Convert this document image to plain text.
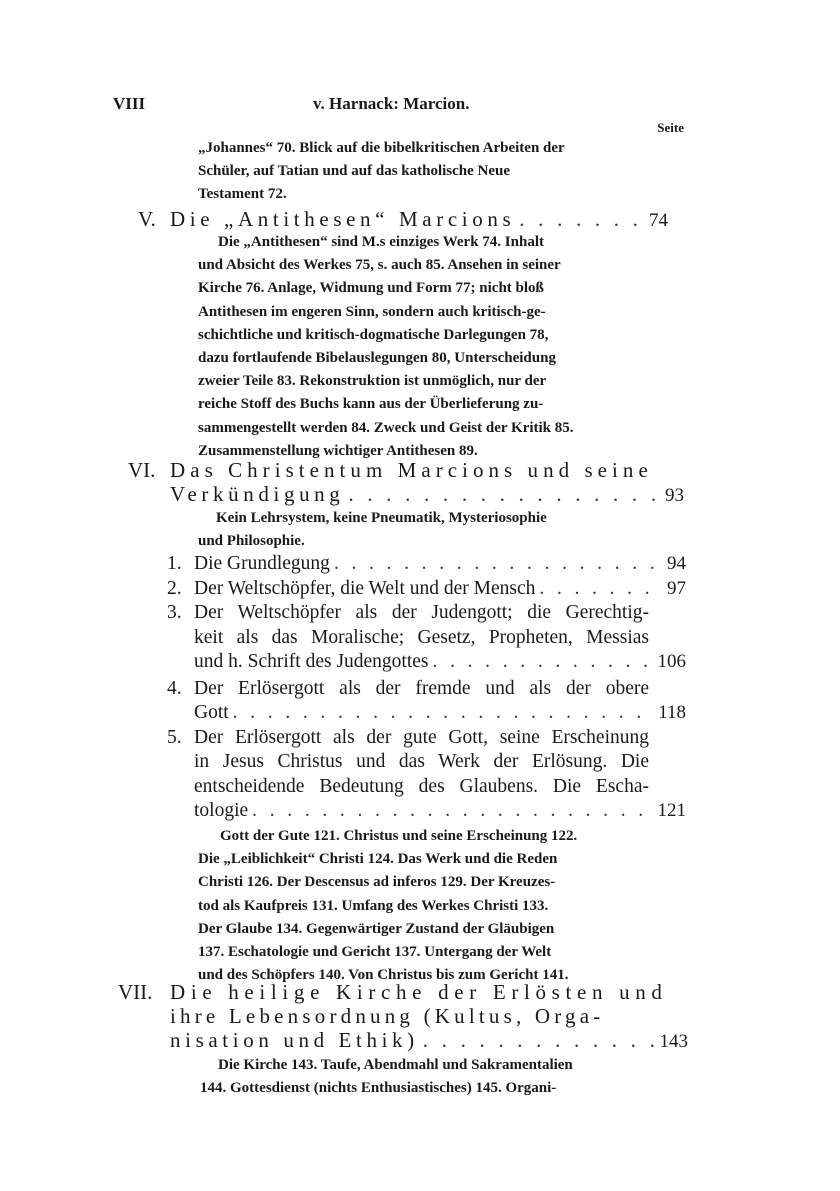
VIII	v. Harnack: Marcion.
Seite

„Johannes“ 70. Blick auf die bibelkritischen Arbeiten der

Schüler, auf Tatian und auf das katholische Neue

Testament 72.

V. Die „Antithesen“ Marcions . . .	74

Die „Antithesen“ sind M.s einziges Werk 74. Inhalt

und Absicht des Werkes 75, s. auch 85. Ansehen in seiner

Kirche 76. Anlage, Widmung und Form 77; nicht bloß

Antithesen im engeren Sinn, sondern auch kritisch-ge-

schichtliche und kritisch-dogmatische Darlegungen 78,

dazu fortlaufende Bibelauslegungen 80, Unterscheidung

zweier Teile 83. Rekonstruktion ist unmöglich, nur der

reiche Stoff des Buchs kann aus der Überlieferung zu-

sammengestellt werden 84. Zweck und Geist der Kritik 85.

Zusammenstellung wichtiger Antithesen 89.

VI. Das Christentum Marcions und seine
Verkündigung . . .	93

Kein Lehrsystem, keine Pneumatik, Mysteriosophie

und Philosophie.

1. Die Grundlegung . . .	94
2. Der Weltschöpfer, die Welt und der Mensch . . .	97
3. Der Weltschöpfer als der Judengott; die Gerechtig-
keit als das Moralische; Gesetz, Propheten, Messias
und h. Schrift des Judengottes . . .	106
4. Der Erlösergott als der fremde und als der obere
Gott . . .	118
5. Der Erlösergott als der gute Gott, seine Erscheinung
in Jesus Christus und das Werk der Erlösung. Die
entscheidende Bedeutung des Glaubens. Die Escha-
tologie . . .	121

Gott der Gute 121. Christus und seine Erscheinung 122.

Die „Leiblichkeit“ Christi 124. Das Werk und die Reden

Christi 126. Der Descensus ad inferos 129. Der Kreuzes-

tod als Kaufpreis 131. Umfang des Werkes Christi 133.

Der Glaube 134. Gegenwärtiger Zustand der Gläubigen

137. Eschatologie und Gericht 137. Untergang der Welt

und des Schöpfers 140. Von Christus bis zum Gericht 141.

VII. Die heilige Kirche der Erlösten und
ihre Lebensordnung (Kultus, Orga-
nisation und Ethik) . . .	143

Die Kirche 143. Taufe, Abendmahl und Sakramentalien

144. Gottesdienst (nichts Enthusiastisches) 145. Organi-
